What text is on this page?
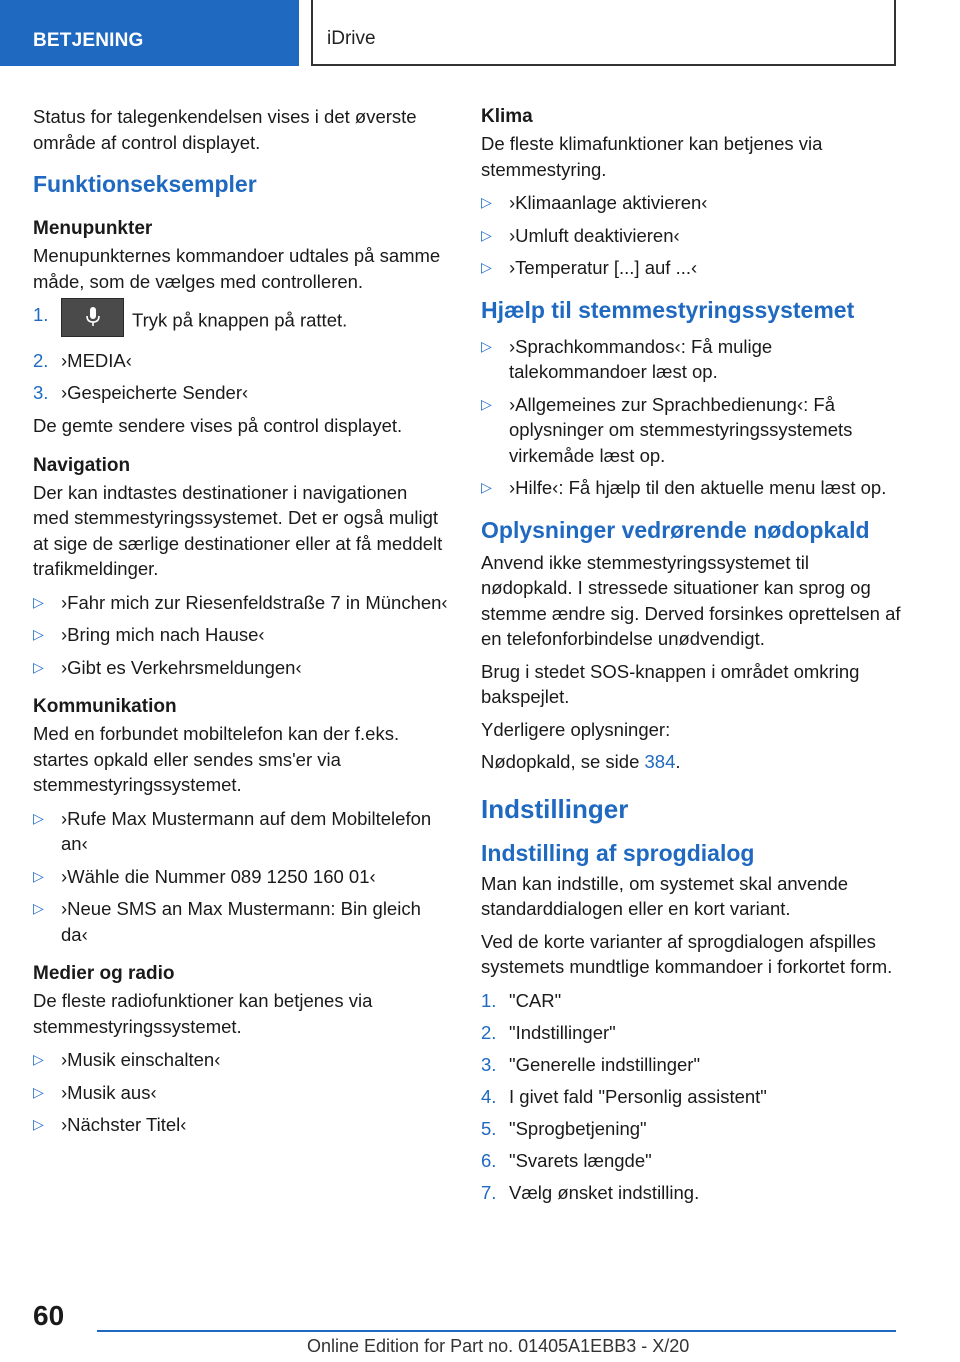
BETJENING	iDrive

Status for talegenkendelsen vises i det øverste område af control displayet.

Funktionseksempler
Menupunkter

Menupunkternes kommandoer udtales på samme måde, som de vælges med controlleren.

1.	Tryk på knappen på rattet.
2. ›MEDIA‹
3. ›Gespeicherte Sender‹

De gemte sendere vises på control displayet.

Navigation

Der kan indtastes destinationer i navigationen med stemmestyringssystemet. Det er også muligt at sige de særlige destinationer eller at få meddelt trafikmeldinger.

▷ ›Fahr mich zur Riesenfeldstraße 7 in München‹
▷ ›Bring mich nach Hause‹
▷ ›Gibt es Verkehrsmeldungen‹
Kommunikation

Med en forbundet mobiltelefon kan der f.eks. startes opkald eller sendes sms'er via stemmestyringssystemet.

▷ ›Rufe Max Mustermann auf dem Mobiltelefon an‹
▷ ›Wähle die Nummer 089 1250 160 01‹
▷ ›Neue SMS an Max Mustermann: Bin gleich da‹
Medier og radio

De fleste radiofunktioner kan betjenes via stemmestyringssystemet.

▷ ›Musik einschalten‹
▷ ›Musik aus‹
▷ ›Nächster Titel‹
Klima

De fleste klimafunktioner kan betjenes via stemmestyring.

▷ ›Klimaanlage aktivieren‹
▷ ›Umluft deaktivieren‹
▷ ›Temperatur [...] auf ...‹
Hjælp til stemmestyringssystemet
▷ ›Sprachkommandos‹: Få mulige talekommandoer læst op.
▷ ›Allgemeines zur Sprachbedienung‹: Få oplysninger om stemmestyringssystemets virkemåde læst op.
▷ ›Hilfe‹: Få hjælp til den aktuelle menu læst op.
Oplysninger vedrørende nødopkald

Anvend ikke stemmestyringssystemet til nødopkald. I stressede situationer kan sprog og stemme ændre sig. Derved forsinkes oprettelsen af en telefonforbindelse unødvendigt.

Brug i stedet SOS-knappen i området omkring bakspejlet.

Yderligere oplysninger:

Nødopkald, se side 384.

Indstillinger
Indstilling af sprogdialog

Man kan indstille, om systemet skal anvende standarddialogen eller en kort variant.

Ved de korte varianter af sprogdialogen afspilles systemets mundtlige kommandoer i forkortet form.

1. "CAR"
2. "Indstillinger"
3. "Generelle indstillinger"
4. I givet fald "Personlig assistent"
5. "Sprogbetjening"
6. "Svarets længde"
7. Vælg ønsket indstilling.
60
Online Edition for Part no. 01405A1EBB3 - X/20
